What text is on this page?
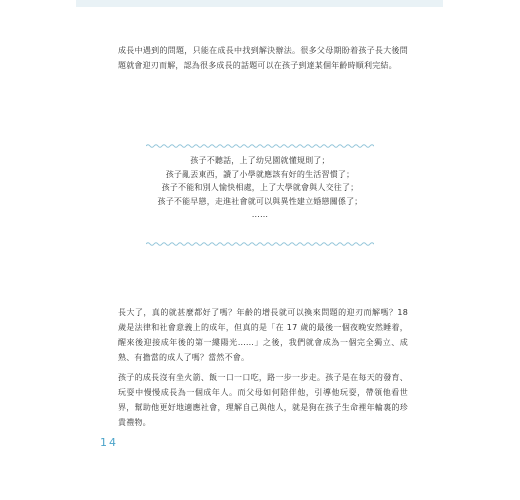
成長中遇到的問題，只能在成長中找到解決辦法。很多父母期盼着孩子長大後問題就會迎刃而解，認為很多成長的話題可以在孩子到達某個年齡時順利完結。

孩子不聽話，上了幼兒園就懂規則了；
孩子亂丟東西，讀了小學就應該有好的生活習慣了；
孩子不能和別人愉快相處，上了大學就會與人交往了；
孩子不能早戀，走進社會就可以與異性建立婚戀關係了；
……

長大了，真的就甚麼都好了嗎？年齡的增長就可以換來問題的迎刃而解嗎？18 歲是法律和社會意義上的成年，但真的是「在 17 歲的最後一個夜晚安然睡着，醒來後迎接成年後的第一縷陽光……」之後，我們就會成為一個完全獨立、成熟、有擔當的成人了嗎？當然不會。

孩子的成長沒有坐火箭、飯一口一口吃，路一步一步走。孩子是在每天的發育、玩耍中慢慢成長為一個成年人。而父母如何陪伴他，引導他玩耍，帶領他看世界，幫助他更好地適應社會，理解自己與他人，就是狗在孩子生命裡年輪裏的珍貴禮物。

14
